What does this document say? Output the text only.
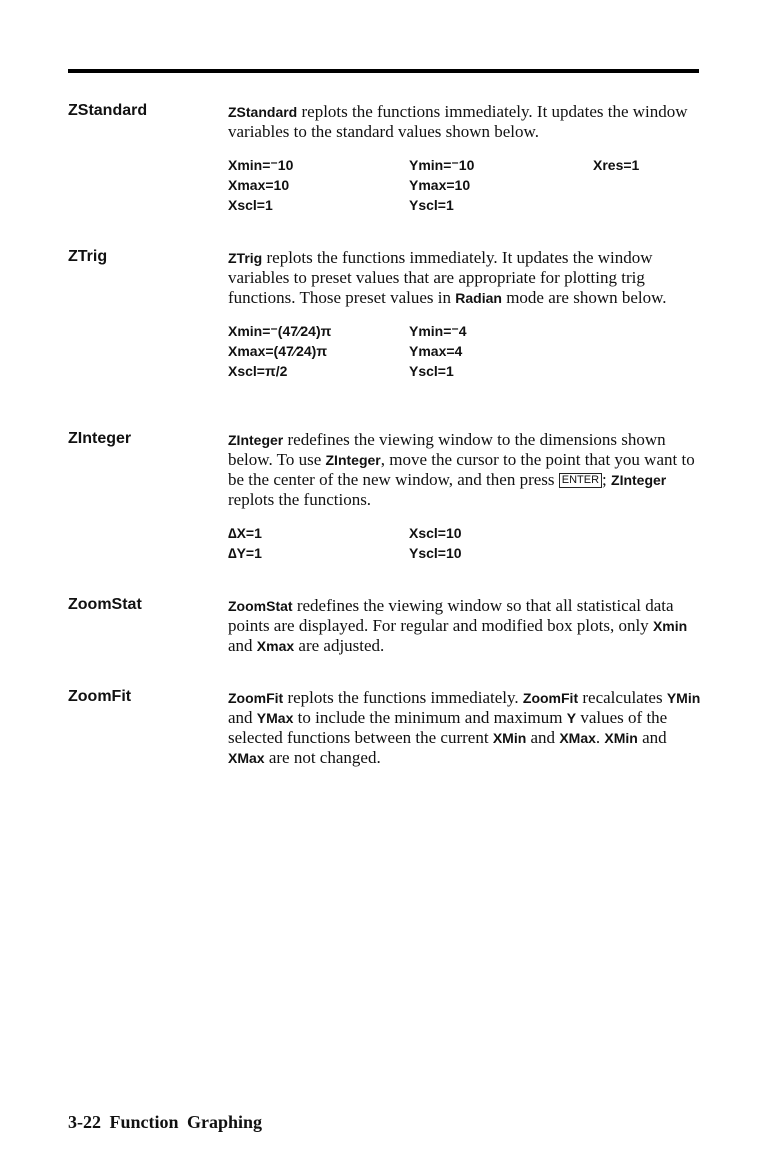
ZStandard	ZStandard replots the functions immediately. It updates the window variables to the standard values shown below.

Xmin=⁻10	Ymin=⁻10	Xres=1
Xmax=10	Ymax=10
Xscl=1	Yscl=1
ZTrig	ZTrig replots the functions immediately. It updates the window variables to preset values that are appropriate for plotting trig functions. Those preset values in Radian mode are shown below.

Xmin=⁻(47⁄24)π	Ymin=⁻4
Xmax=(47⁄24)π	Ymax=4
Xscl=π/2	Yscl=1
ZInteger	ZInteger redefines the viewing window to the dimensions shown below. To use ZInteger, move the cursor to the point that you want to be the center of the new window, and then press ENTER ; ZInteger replots the functions.

∆X=1	Xscl=10
∆Y=1	Yscl=10
ZoomStat	ZoomStat redefines the viewing window so that all statistical data points are displayed. For regular and modified box plots, only Xmin and Xmax are adjusted.

ZoomFit	ZoomFit replots the functions immediately. ZoomFit recalculates YMin and YMax to include the minimum and maximum Y values of the selected functions between the current XMin and XMax. XMin and XMax are not changed.

3-22 Function Graphing
